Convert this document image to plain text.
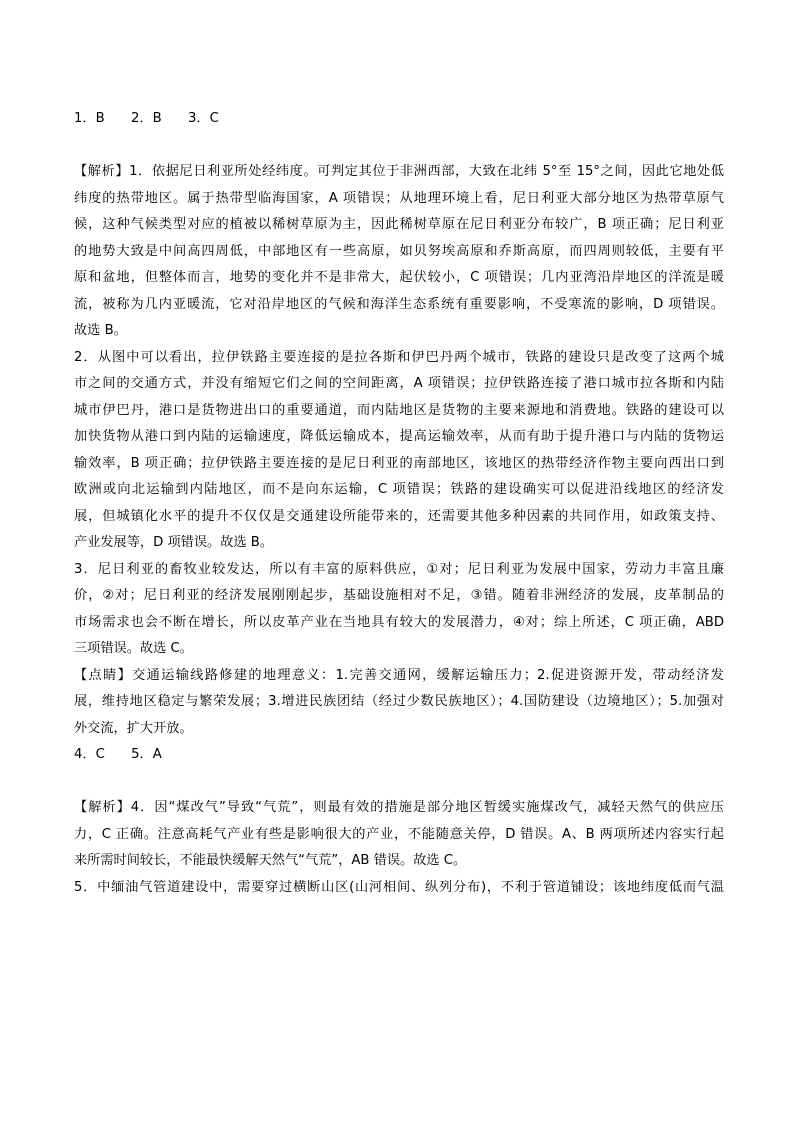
1．B　　2．B　　3．C
【解析】1．依据尼日利亚所处经纬度。可判定其位于非洲西部，大致在北纬 5°至 15°之间，因此它地处低
纬度的热带地区。属于热带型临海国家，A 项错误；从地理环境上看，尼日利亚大部分地区为热带草原气
候，这种气候类型对应的植被以稀树草原为主，因此稀树草原在尼日利亚分布较广，B 项正确；尼日利亚
的地势大致是中间高四周低，中部地区有一些高原，如贝努埃高原和乔斯高原，而四周则较低，主要有平
原和盆地，但整体而言，地势的变化并不是非常大，起伏较小，C 项错误；几内亚湾沿岸地区的洋流是暖
流，被称为几内亚暖流，它对沿岸地区的气候和海洋生态系统有重要影响，不受寒流的影响，D 项错误。
故选 B。
2．从图中可以看出，拉伊铁路主要连接的是拉各斯和伊巴丹两个城市，铁路的建设只是改变了这两个城
市之间的交通方式，并没有缩短它们之间的空间距离，A 项错误；拉伊铁路连接了港口城市拉各斯和内陆
城市伊巴丹，港口是货物进出口的重要通道，而内陆地区是货物的主要来源地和消费地。铁路的建设可以
加快货物从港口到内陆的运输速度，降低运输成本，提高运输效率，从而有助于提升港口与内陆的货物运
输效率，B 项正确；拉伊铁路主要连接的是尼日利亚的南部地区，该地区的热带经济作物主要向西出口到
欧洲或向北运输到内陆地区，而不是向东运输，C 项错误；铁路的建设确实可以促进沿线地区的经济发
展，但城镇化水平的提升不仅仅是交通建设所能带来的，还需要其他多种因素的共同作用，如政策支持、
产业发展等，D 项错误。故选 B。
3．尼日利亚的畜牧业较发达，所以有丰富的原料供应，①对；尼日利亚为发展中国家，劳动力丰富且廉
价，②对；尼日利亚的经济发展刚刚起步，基础设施相对不足，③错。随着非洲经济的发展，皮革制品的
市场需求也会不断在增长，所以皮革产业在当地具有较大的发展潜力，④对；综上所述，C 项正确，ABD
三项错误。故选 C。
【点睛】交通运输线路修建的地理意义：1.完善交通网，缓解运输压力；2.促进资源开发，带动经济发
展，维持地区稳定与繁荣发展；3.增进民族团结（经过少数民族地区）；4.国防建设（边境地区）；5.加强对
外交流，扩大开放。
4．C　　5．A
【解析】4．因“煤改气”导致“气荒”，则最有效的措施是部分地区暂缓实施煤改气，减轻天然气的供应压
力，C 正确。注意高耗气产业有些是影响很大的产业，不能随意关停，D 错误。A、B 两项所述内容实行起
来所需时间较长，不能最快缓解天然气“气荒”，AB 错误。故选 C。
5．中缅油气管道建设中，需要穿过横断山区(山河相间、纵列分布)，不利于管道铺设；该地纬度低而气温
